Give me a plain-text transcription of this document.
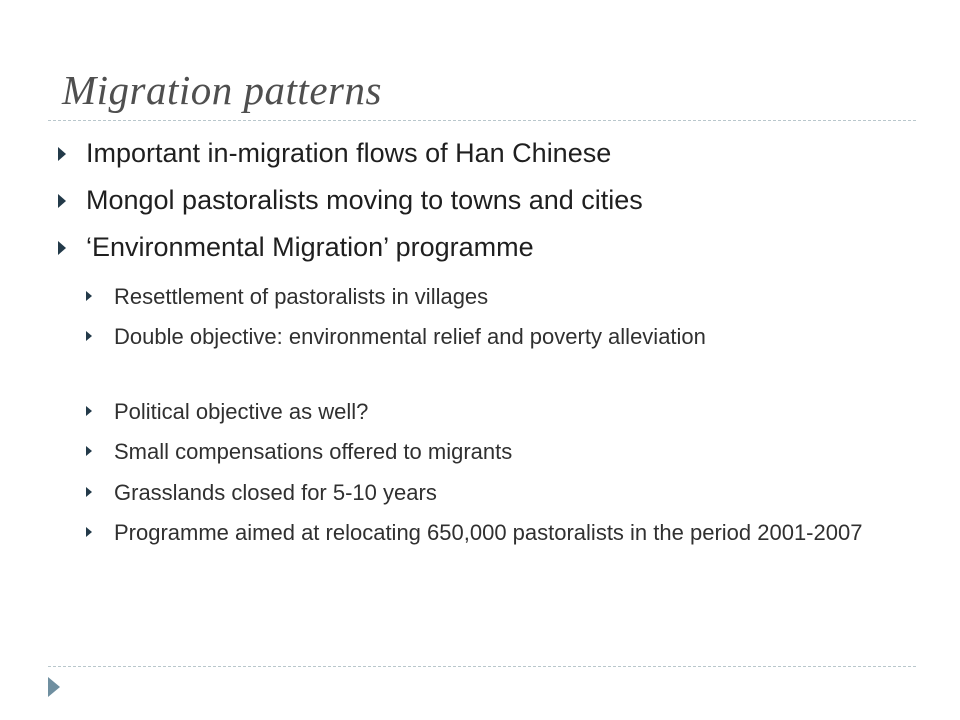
Migration patterns
Important in-migration flows of Han Chinese
Mongol pastoralists moving to towns and cities
‘Environmental Migration’ programme
Resettlement of pastoralists in villages
Double objective: environmental relief and poverty alleviation
Political objective as well?
Small compensations offered to migrants
Grasslands closed for 5-10 years
Programme aimed at relocating 650,000 pastoralists in the period 2001-2007
